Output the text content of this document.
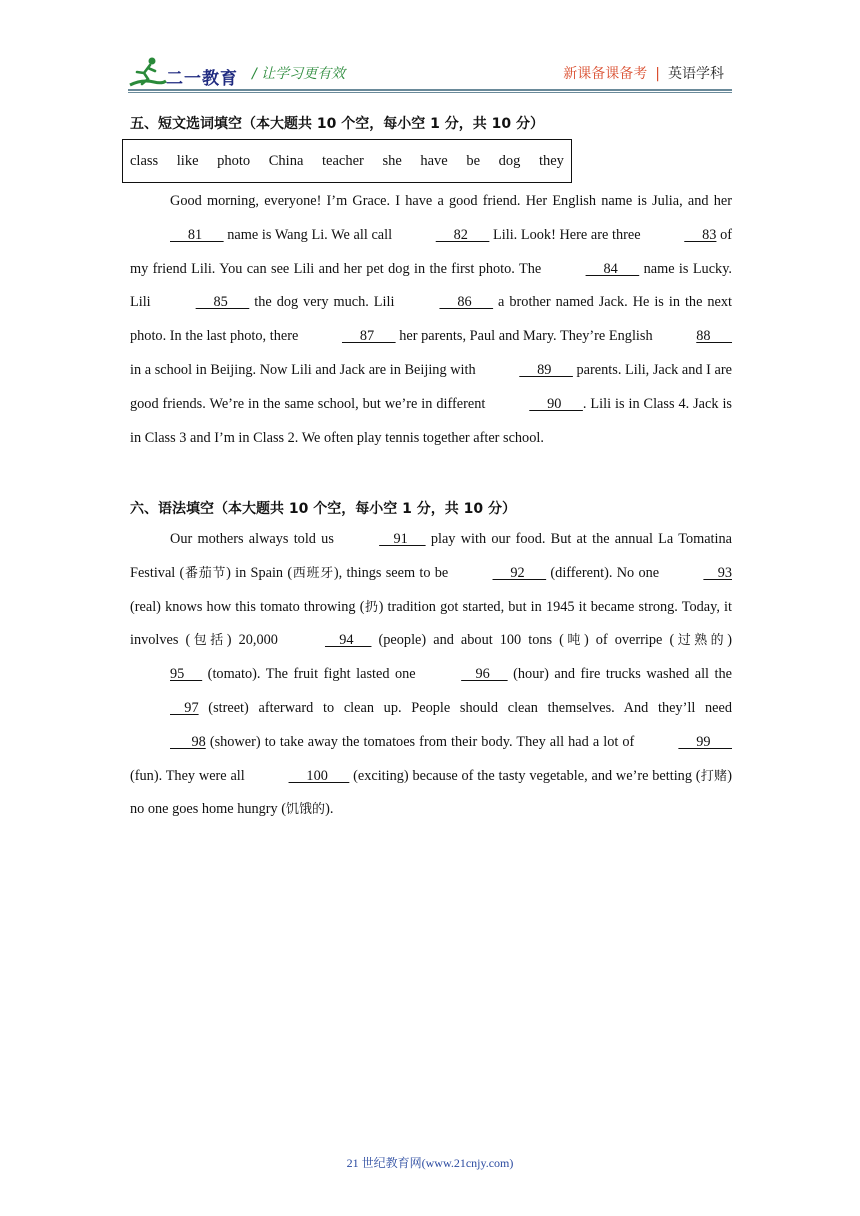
二一教育 / 让学习更有效	新课备课备考 | 英语学科
五、短文选词填空（本大题共 10 个空，每小空 1 分，共 10 分）
class like photo China teacher she have be dog they

Good morning, everyone! I’m Grace. I have a good friend. Her English name is Julia, and her      81       name is Wang Li. We all call	82       Lili. Look! Here are three	83 of my friend Lili. You can see Lili and her pet dog in the first photo. The	84       name is Lucky. Lili	85       the dog very much. Lili	86       a brother named Jack. He is in the next photo. In the last photo, there	87       her parents, Paul and Mary. They’re English	88       in a school in Beijing. Now Lili and Jack are in Beijing with	89       parents. Lili, Jack and I are good friends. We’re in the same school, but we’re in different	90      . Lili is in Class 4. Jack is in Class 3 and I’m in Class 2. We often play tennis together after school.

六、语法填空（本大题共 10 个空，每小空 1 分，共 10 分）

Our mothers always told us	91      play with our food. But at the annual La Tomatina Festival (番茄节) in Spain (西班牙), things seem to be	92       (different). No one	93 (real) knows how this tomato throwing (扔) tradition got started, but in 1945 it became strong. Today, it involves (包括) 20,000	94      (people) and about 100 tons (吨) of overripe (过熟的) 95      (tomato). The fruit fight lasted one	96      (hour) and fire trucks washed all the     97 (street) afterward to clean up. People should clean themselves. And they’ll need       98 (shower) to take away the tomatoes from their body. They all had a lot of	99       (fun). They were all	100       (exciting) because of the tasty vegetable, and we’re betting (打赌) no one goes home hungry (饥饿的).

21 世纪教育网(www.21cnjy.com)
